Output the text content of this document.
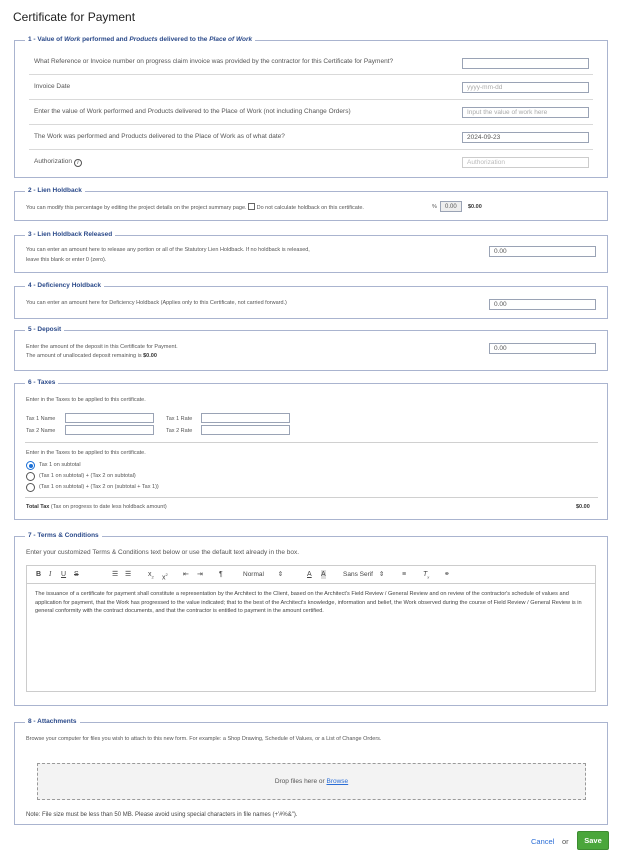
Certificate for Payment
1 - Value of Work performed and Products delivered to the Place of Work
What Reference or Invoice number on progress claim invoice was provided by the contractor for this Certificate for Payment?
Invoice Date	yyyy-mm-dd
Enter the value of Work performed and Products delivered to the Place of Work (not including Change Orders)	Input the value of work here
The Work was performed and Products delivered to the Place of Work as of what date?	2024-09-23
Authorization i	Authorization
2 - Lien Holdback
You can modify this percentage by editing the project details on the project summary page. Do not calculate holdback on this certificate.	%	0.00	$0.00
3 - Lien Holdback Released
You can enter an amount here to release any portion or all of the Statutory Lien Holdback. If no holdback is released,
leave this blank or enter 0 (zero).
0.00
4 - Deficiency Holdback
You can enter an amount here for Deficiency Holdback (Applies only to this Certificate, not carried forward.)	0.00
5 - Deposit
Enter the amount of the deposit in this Certificate for Payment.
The amount of unallocated deposit remaining is $0.00
0.00
6 - Taxes
Enter in the Taxes to be applied to this certificate.
Tax 1 Name	Tax 1 Rate
Tax 2 Name	Tax 2 Rate
Enter in the Taxes to be applied to this certificate.
Tax 1 on subtotal
(Tax 1 on subtotal) + (Tax 2 on subtotal)
(Tax 1 on subtotal) + (Tax 2 on (subtotal + Tax 1))
Total Tax (Tax on progress to date less holdback amount)	$0.00
7 - Terms & Conditions
Enter your customized Terms & Conditions text below or use the default text already in the box.
B I U S	☰ ☰ $x_2$ $x^2$ ⇤ ⇥ ¶	Normal ⇕	A A	Sans Serif ⇕	≡ $T_x$ ⚭
The issuance of a certificate for payment shall constitute a representation by the Architect to the Client, based on the Architect's Field Review / General Review and on review of the contractor's schedule of values and application for payment, that the Work has progressed to the value indicated; that to the best of the Architect's knowledge, information and belief, the Work observed during the course of Field Review / General Review is in general conformity with the contract documents, and that the contractor is entitled to payment in the amount certified.
8 - Attachments
Browse your computer for files you wish to attach to this new form. For example: a Shop Drawing, Schedule of Values, or a List of Change Orders.
Drop files here or Browse
Note: File size must be less than 50 MB. Please avoid using special characters in file names (+'#%&").
Cancel or	Save
